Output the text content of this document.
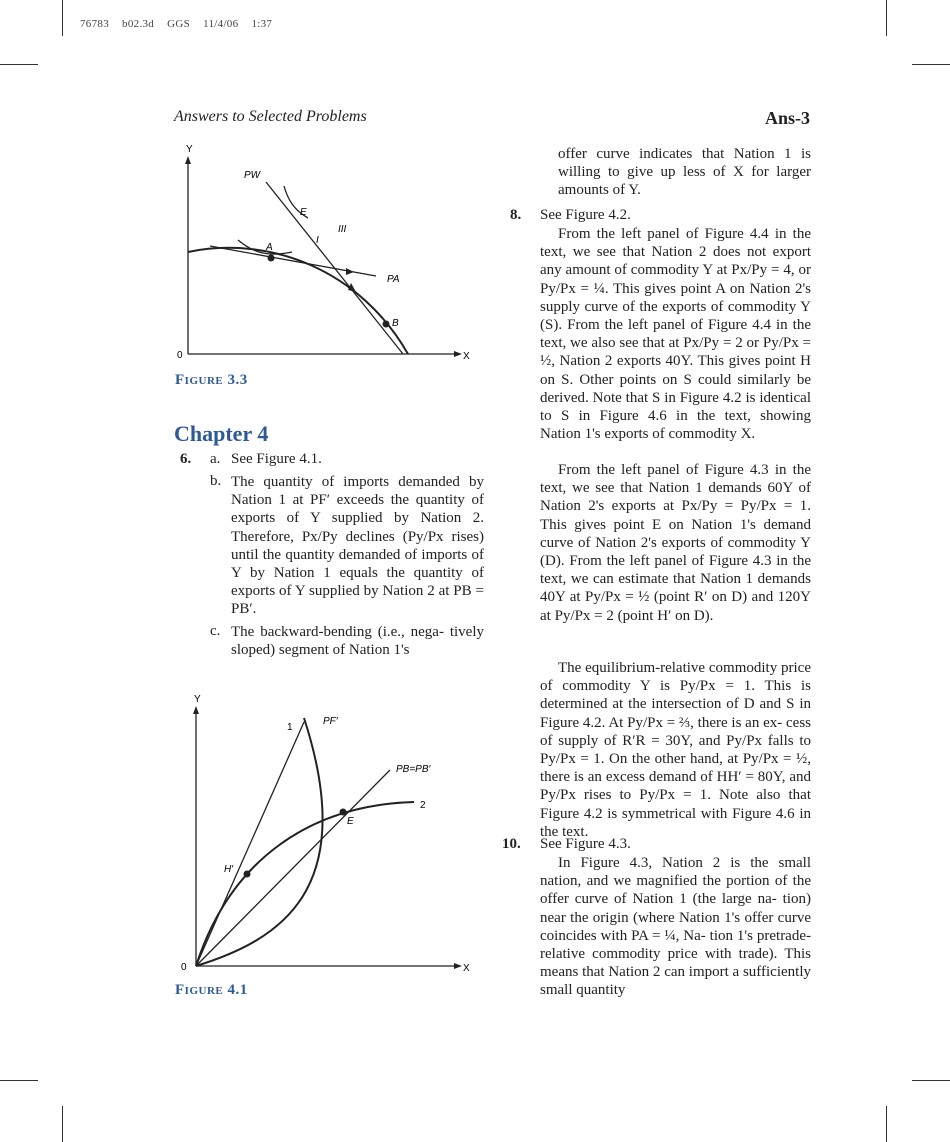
76783 b02.3d GGS 11/4/06 1:37
Answers to Selected Problems	Ans-3
Y
X
0
PW
E
III
A
I
PA
B
Figure 3.3
Chapter 4
6. a. See Figure 4.1.
b. The quantity of imports demanded by Nation 1 at PF′ exceeds the quantity of exports of Y supplied by Nation 2. Therefore, Px/Py declines (Py/Px rises) until the quantity demanded of imports of Y by Nation 1 equals the quantity of exports of Y supplied by Nation 2 at PB = PB′.

c. The backward-bending (i.e., nega- tively sloped) segment of Nation 1's

Y
X
0
1
PF′
PB=PB′
2
E
H′
Figure 4.1

offer curve indicates that Nation 1 is willing to give up less of X for larger amounts of Y.

8. See Figure 4.2.

From the left panel of Figure 4.4 in the text, we see that Nation 2 does not export any amount of commodity Y at Px/Py = 4, or Py/Px = ¼. This gives point A on Nation 2's supply curve of the exports of commodity Y (S). From the left panel of Figure 4.4 in the text, we also see that at Px/Py = 2 or Py/Px = ½, Nation 2 exports 40Y. This gives point H on S. Other points on S could similarly be derived. Note that S in Figure 4.2 is identical to S in Figure 4.6 in the text, showing Nation 1's exports of commodity X.

From the left panel of Figure 4.3 in the text, we see that Nation 1 demands 60Y of Nation 2's exports at Px/Py = Py/Px = 1. This gives point E on Nation 1's demand curve of Nation 2's exports of commodity Y (D). From the left panel of Figure 4.3 in the text, we can estimate that Nation 1 demands 40Y at Py/Px = ½ (point R′ on D) and 120Y at Py/Px = 2 (point H′ on D).

The equilibrium-relative commodity price of commodity Y is Py/Px = 1. This is determined at the intersection of D and S in Figure 4.2. At Py/Px = ⅔, there is an ex- cess of supply of R′R = 30Y, and Py/Px falls to Py/Px = 1. On the other hand, at Py/Px = ½, there is an excess demand of HH′ = 80Y, and Py/Px rises to Py/Px = 1. Note also that Figure 4.2 is symmetrical with Figure 4.6 in the text.

10. See Figure 4.3.

In Figure 4.3, Nation 2 is the small nation, and we magnified the portion of the offer curve of Nation 1 (the large na- tion) near the origin (where Nation 1's offer curve coincides with PA = ¼, Na- tion 1's pretrade-relative commodity price with trade). This means that Nation 2 can import a sufficiently small quantity
